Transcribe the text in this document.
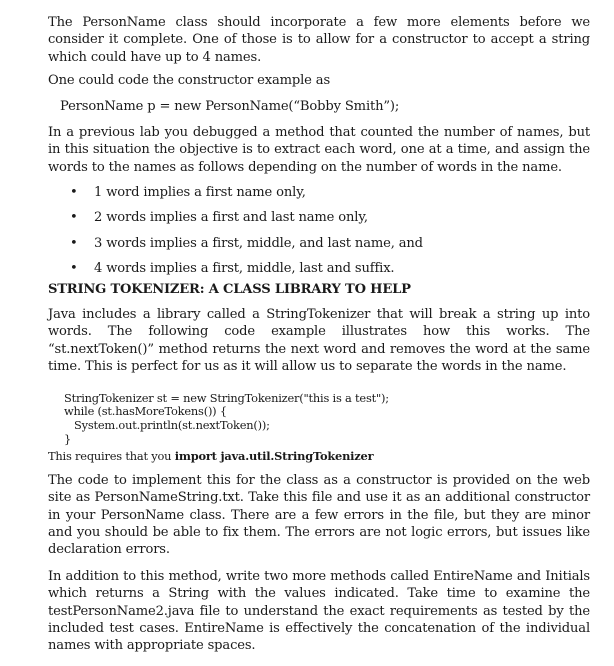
The PersonName class should incorporate a few more elements before we consider it complete. One of those is to allow for a constructor to accept a string which could have up to 4 names.

One could code the constructor example as

PersonName p = new PersonName(“Bobby Smith”);

In a previous lab you debugged a method that counted the number of names, but in this situation the objective is to extract each word, one at a time, and assign the words to the names as follows depending on the number of words in the name.

• 1 word implies a first name only,
• 2 words implies a first and last name only,
• 3 words implies a first, middle, and last name, and
• 4 words implies a first, middle, last and suffix.

STRING TOKENIZER: A CLASS LIBRARY TO HELP

Java includes a library called a StringTokenizer that will break a string up into words. The following code example illustrates how this works. The “st.nextToken()” method returns the next word and removes the word at the same time. This is perfect for us as it will allow us to separate the words in the name.

StringTokenizer st = new StringTokenizer("this is a test");

while (st.hasMoreTokens()) {

System.out.println(st.nextToken());

}

This requires that you import java.util.StringTokenizer

The code to implement this for the class as a constructor is provided on the web site as PersonNameString.txt. Take this file and use it as an additional constructor in your PersonName class. There are a few errors in the file, but they are minor and you should be able to fix them. The errors are not logic errors, but issues like declaration errors.

In addition to this method, write two more methods called EntireName and Initials which returns a String with the values indicated. Take time to examine the testPersonName2.java file to understand the exact requirements as tested by the included test cases. EntireName is effectively the concatenation of the individual names with appropriate spaces.
